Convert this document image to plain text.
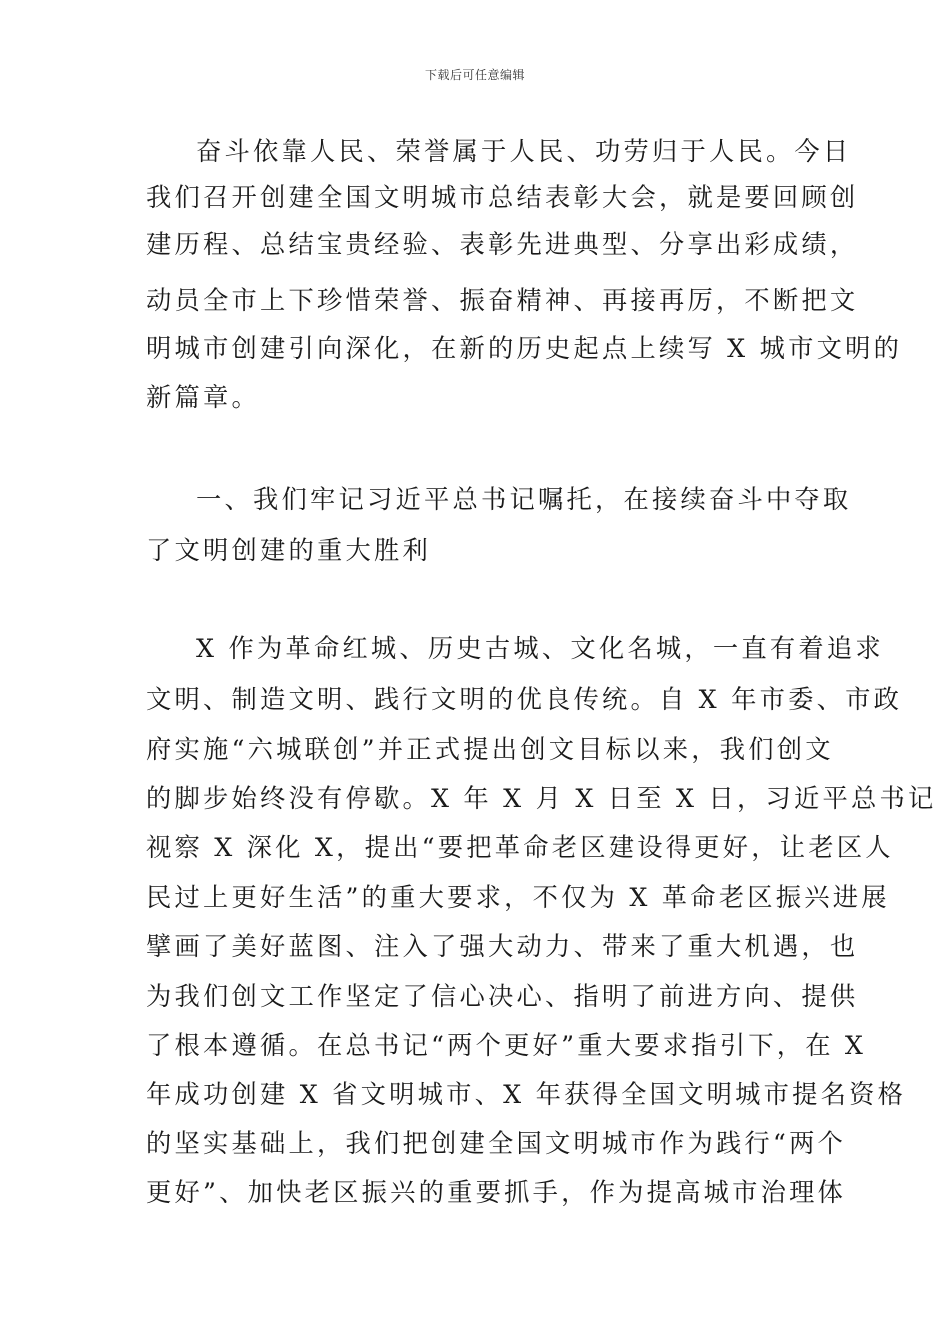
下载后可任意编辑
奋斗依靠人民、荣誉属于人民、功劳归于人民。今日
我们召开创建全国文明城市总结表彰大会，就是要回顾创
建历程、总结宝贵经验、表彰先进典型、分享出彩成绩，
动员全市上下珍惜荣誉、振奋精神、再接再厉，不断把文
明城市创建引向深化，在新的历史起点上续写 X 城市文明的
新篇章。
一、我们牢记习近平总书记嘱托，在接续奋斗中夺取
了文明创建的重大胜利
X 作为革命红城、历史古城、文化名城，一直有着追求
文明、制造文明、践行文明的优良传统。自 X 年市委、市政
府实施“六城联创”并正式提出创文目标以来，我们创文
的脚步始终没有停歇。X 年 X 月 X 日至 X 日，习近平总书记
视察 X 深化 X，提出“要把革命老区建设得更好，让老区人
民过上更好生活”的重大要求，不仅为 X 革命老区振兴进展
擘画了美好蓝图、注入了强大动力、带来了重大机遇，也
为我们创文工作坚定了信心决心、指明了前进方向、提供
了根本遵循。在总书记“两个更好”重大要求指引下，在 X
年成功创建 X 省文明城市、X 年获得全国文明城市提名资格
的坚实基础上，我们把创建全国文明城市作为践行“两个
更好”、加快老区振兴的重要抓手，作为提高城市治理体
